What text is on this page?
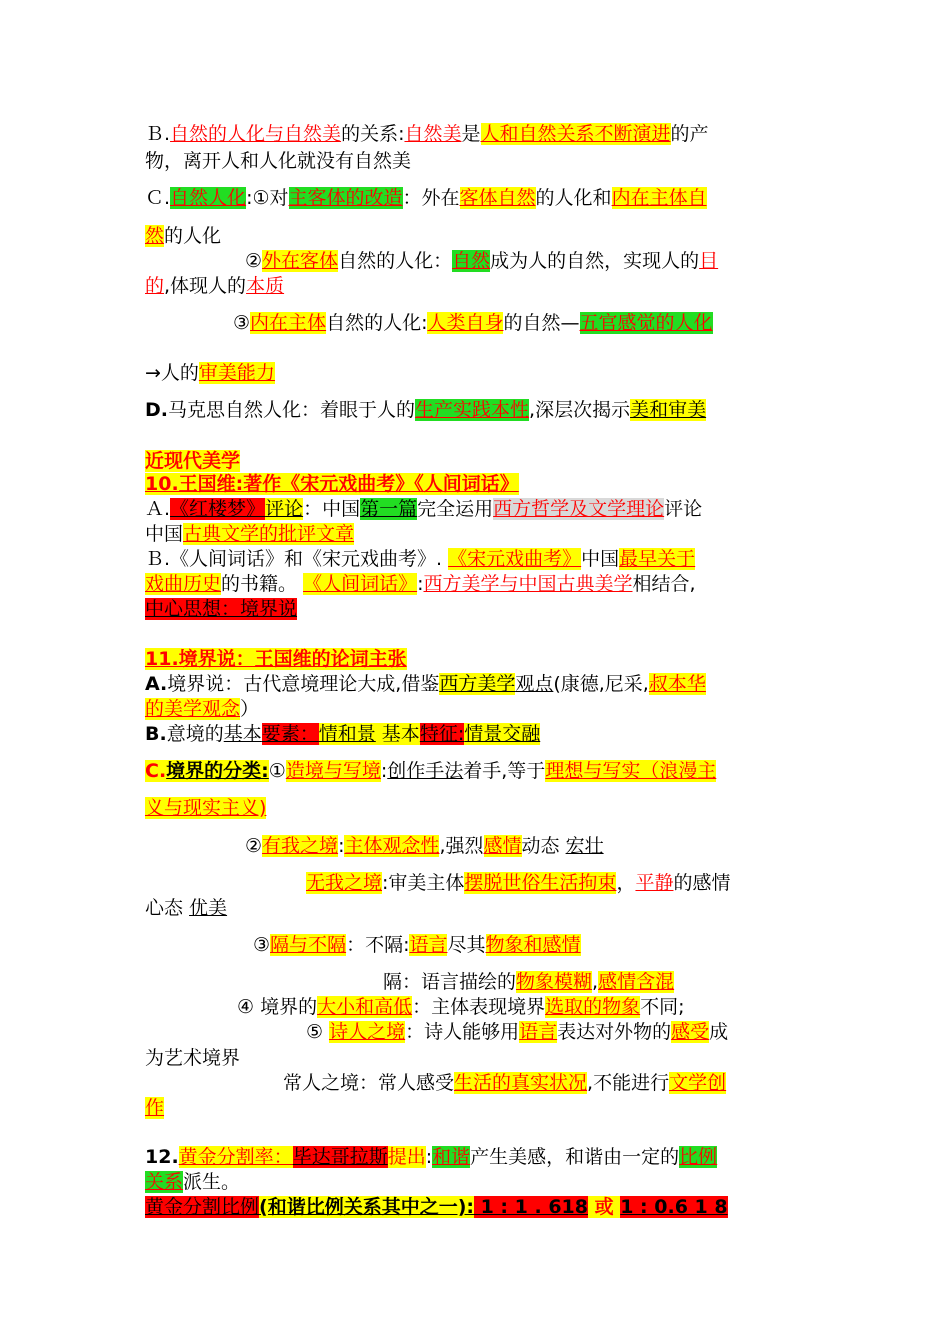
Ｂ.自然的人化与自然美的关系:自然美是人和自然关系不断演进的产
物，离开人和人化就没有自然美
Ｃ.自然人化:①对主客体的改造：外在客体自然的人化和内在主体自
然的人化
②外在客体自然的人化：自然成为人的自然，实现人的目
的,体现人的本质
③内在主体自然的人化:人类自身的自然—五官感觉的人化
→人的审美能力
D.马克思自然人化：着眼于人的生产实践本性,深层次揭示美和审美
近现代美学
10.王国维:著作《宋元戏曲考》《人间词话》
Ａ.《红楼梦》评论：中国第一篇完全运用西方哲学及文学理论评论
中国古典文学的批评文章
Ｂ.《人间词话》和《宋元戏曲考》. 《宋元戏曲考》中国最早关于
戏曲历史的书籍。 《人间词话》:西方美学与中国古典美学相结合,
中心思想：境界说
11.境界说：王国维的论词主张
A.境界说：古代意境理论大成,借鉴西方美学观点(康德,尼采,叔本华
的美学观念）
B.意境的基本要素：情和景 基本特征:情景交融
C.境界的分类:①造境与写境:创作手法着手,等于理想与写实（浪漫主
义与现实主义)
②有我之境:主体观念性,强烈感情动态 宏壮
无我之境:审美主体摆脱世俗生活拘束，平静的感情
心态 优美
③隔与不隔：不隔:语言尽其物象和感情
隔：语言描绘的物象模糊,感情含混
④ 境界的大小和高低：主体表现境界选取的物象不同;
⑤ 诗人之境：诗人能够用语言表达对外物的感受成
为艺术境界
常人之境：常人感受生活的真实状况,不能进行文学创
作
12.黄金分割率：毕达哥拉斯提出:和谐产生美感，和谐由一定的比例
关系派生。
黄金分割比例(和谐比例关系其中之一): 1 : 1 . 618 或 1 : 0.6 1 8
